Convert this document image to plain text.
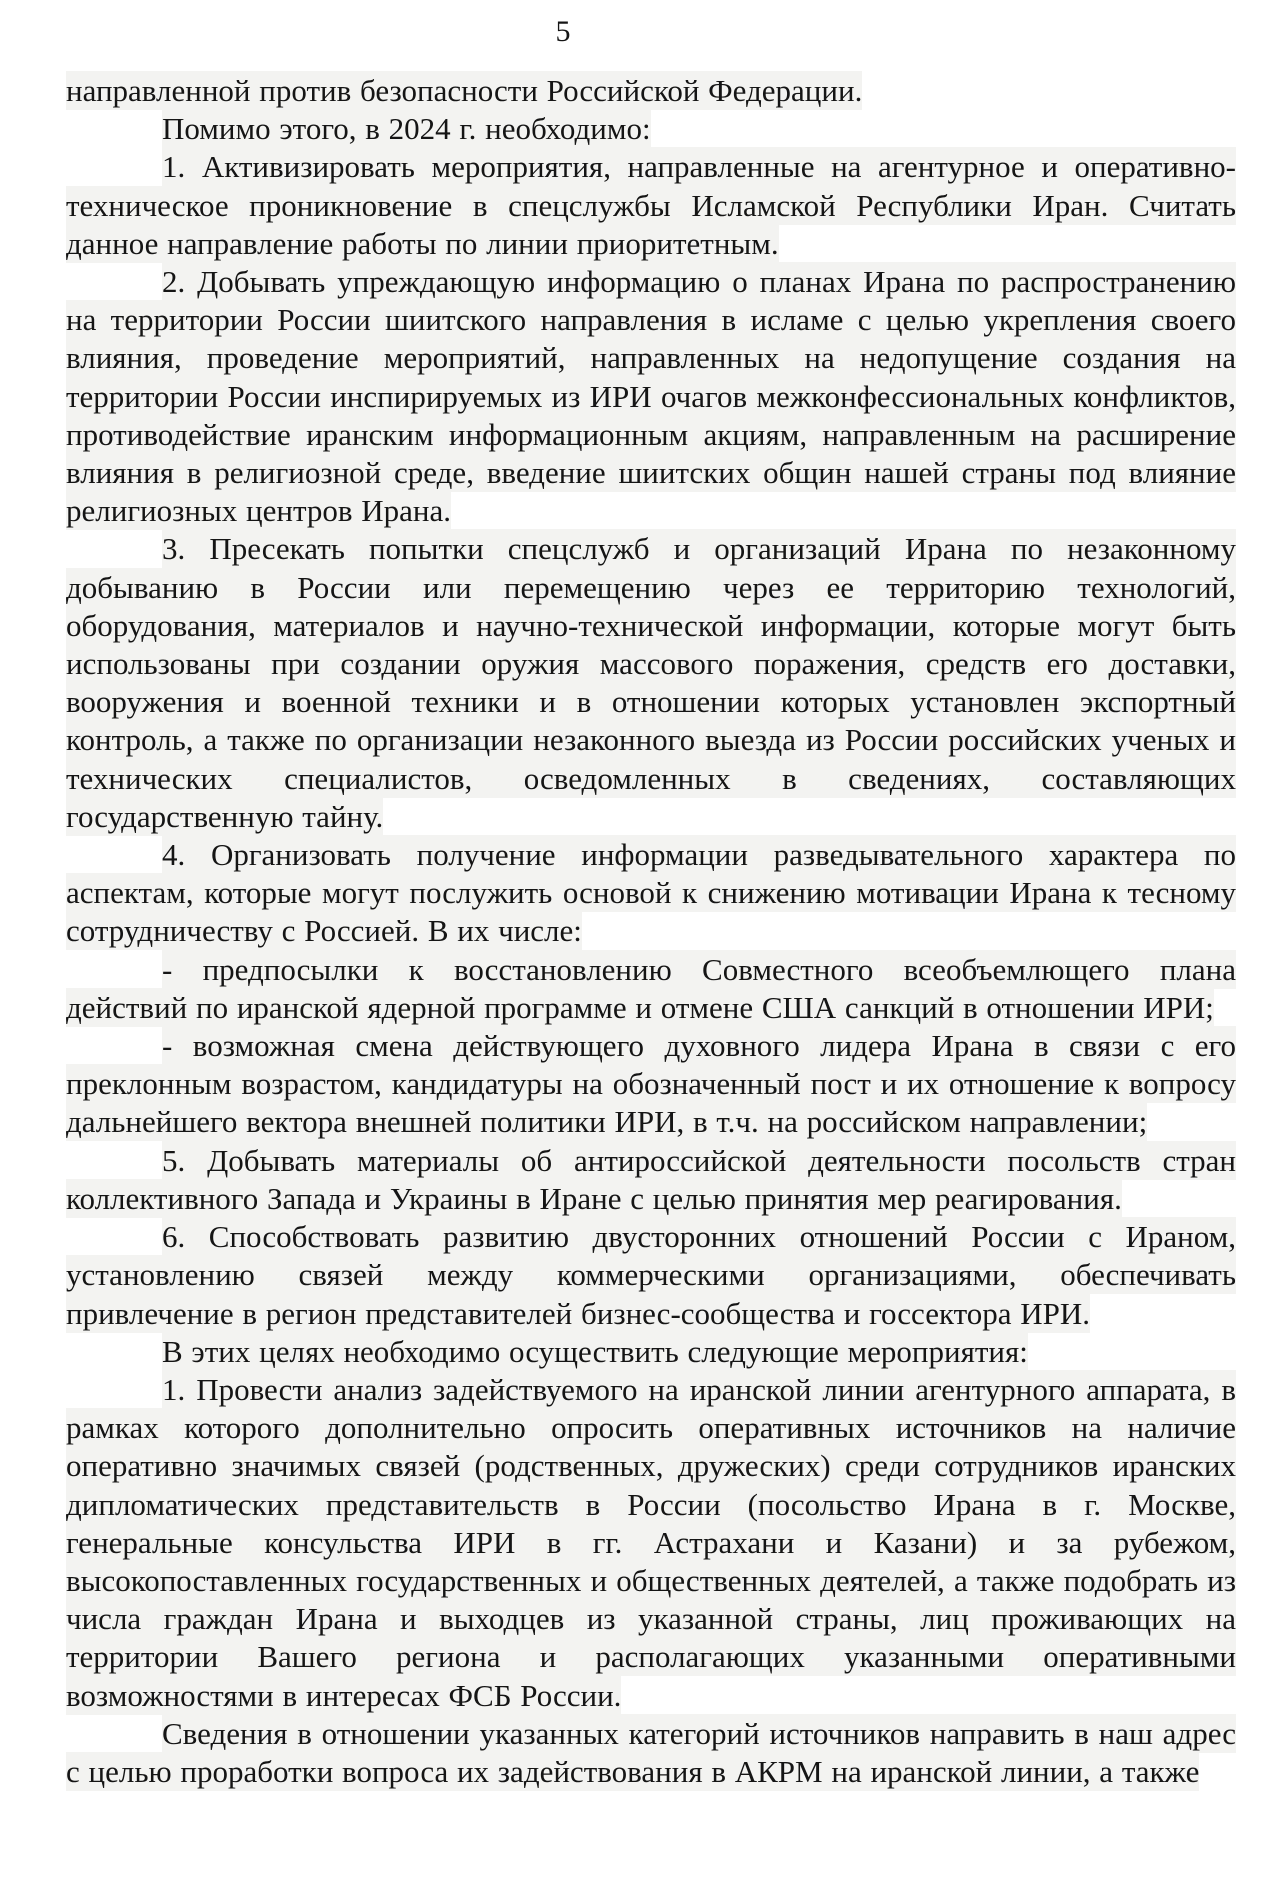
5

направленной против безопасности Российской Федерации.

Помимо этого, в 2024 г. необходимо:

1. Активизировать мероприятия, направленные на агентурное и оперативно-техническое проникновение в спецслужбы Исламской Республики Иран. Считать данное направление работы по линии приоритетным.

2. Добывать упреждающую информацию о планах Ирана по распространению на территории России шиитского направления в исламе с целью укрепления своего влияния, проведение мероприятий, направленных на недопущение создания на территории России инспирируемых из ИРИ очагов межконфессиональных конфликтов, противодействие иранским информационным акциям, направленным на расширение влияния в религиозной среде, введение шиитских общин нашей страны под влияние религиозных центров Ирана.

3. Пресекать попытки спецслужб и организаций Ирана по незаконному добыванию в России или перемещению через ее территорию технологий, оборудования, материалов и научно-технической информации, которые могут быть использованы при создании оружия массового поражения, средств его доставки, вооружения и военной техники и в отношении которых установлен экспортный контроль, а также по организации незаконного выезда из России российских ученых и технических специалистов, осведомленных в сведениях, составляющих государственную тайну.

4. Организовать получение информации разведывательного характера по аспектам, которые могут послужить основой к снижению мотивации Ирана к тесному сотрудничеству с Россией. В их числе:

- предпосылки к восстановлению Совместного всеобъемлющего плана действий по иранской ядерной программе и отмене США санкций в отношении ИРИ;

- возможная смена действующего духовного лидера Ирана в связи с его преклонным возрастом, кандидатуры на обозначенный пост и их отношение к вопросу дальнейшего вектора внешней политики ИРИ, в т.ч. на российском направлении;

5. Добывать материалы об антироссийской деятельности посольств стран коллективного Запада и Украины в Иране с целью принятия мер реагирования.

6. Способствовать развитию двусторонних отношений России с Ираном, установлению связей между коммерческими организациями, обеспечивать привлечение в регион представителей бизнес-сообщества и госсектора ИРИ.

В этих целях необходимо осуществить следующие мероприятия:

1. Провести анализ задействуемого на иранской линии агентурного аппарата, в рамках которого дополнительно опросить оперативных источников на наличие оперативно значимых связей (родственных, дружеских) среди сотрудников иранских дипломатических представительств в России (посольство Ирана в г. Москве, генеральные консульства ИРИ в гг. Астрахани и Казани) и за рубежом, высокопоставленных государственных и общественных деятелей, а также подобрать из числа граждан Ирана и выходцев из указанной страны, лиц проживающих на территории Вашего региона и располагающих указанными оперативными возможностями в интересах ФСБ России.

Сведения в отношении указанных категорий источников направить в наш адрес с целью проработки вопроса их задействования в АКРМ на иранской линии, а также
